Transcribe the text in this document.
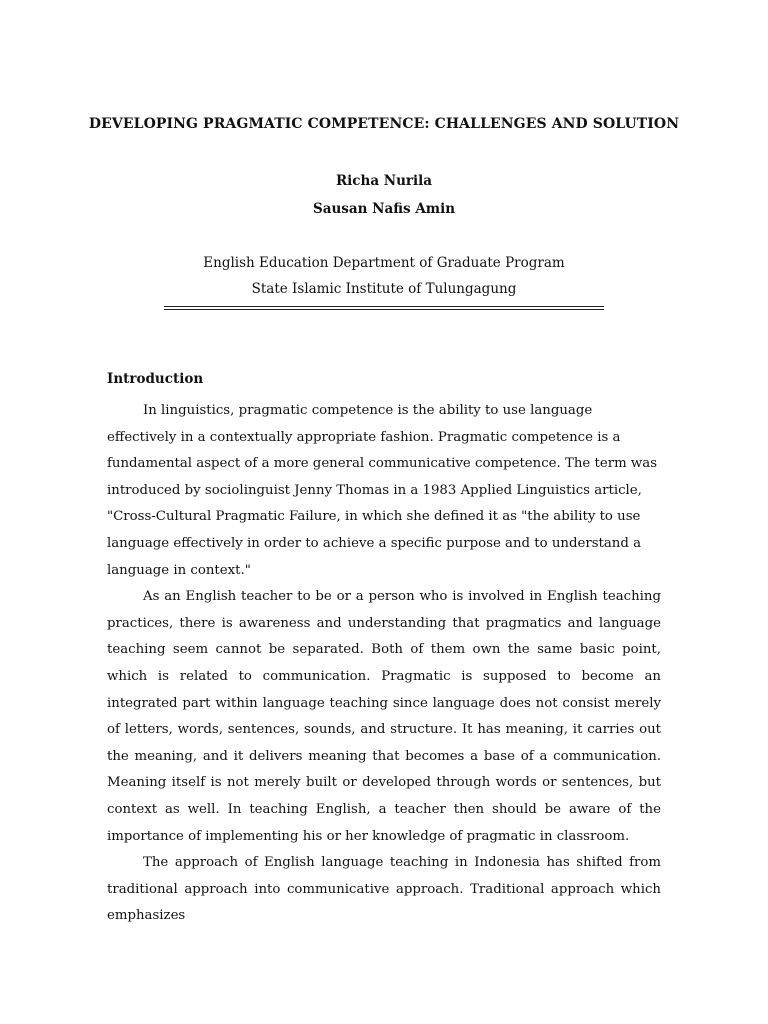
DEVELOPING PRAGMATIC COMPETENCE: CHALLENGES AND SOLUTION
Richa Nurila
Sausan Nafis Amin
English Education Department of Graduate Program
State Islamic Institute of Tulungagung
Introduction

In linguistics, pragmatic competence is the ability to use language effectively in a contextually appropriate fashion. Pragmatic competence is a fundamental aspect of a more general communicative competence. The term was introduced by sociolinguist Jenny Thomas in a 1983 Applied Linguistics article, "Cross-Cultural Pragmatic Failure, in which she defined it as "the ability to use language effectively in order to achieve a specific purpose and to understand a language in context."

As an English teacher to be or a person who is involved in English teaching practices, there is awareness and understanding that pragmatics and language teaching seem cannot be separated. Both of them own the same basic point, which is related to communication. Pragmatic is supposed to become an integrated part within language teaching since language does not consist merely of letters, words, sentences, sounds, and structure. It has meaning, it carries out the meaning, and it delivers meaning that becomes a base of a communication. Meaning itself is not merely built or developed through words or sentences, but context as well. In teaching English, a teacher then should be aware of the importance of implementing his or her knowledge of pragmatic in classroom.

The approach of English language teaching in Indonesia has shifted from traditional approach into communicative approach. Traditional approach which emphasizes
